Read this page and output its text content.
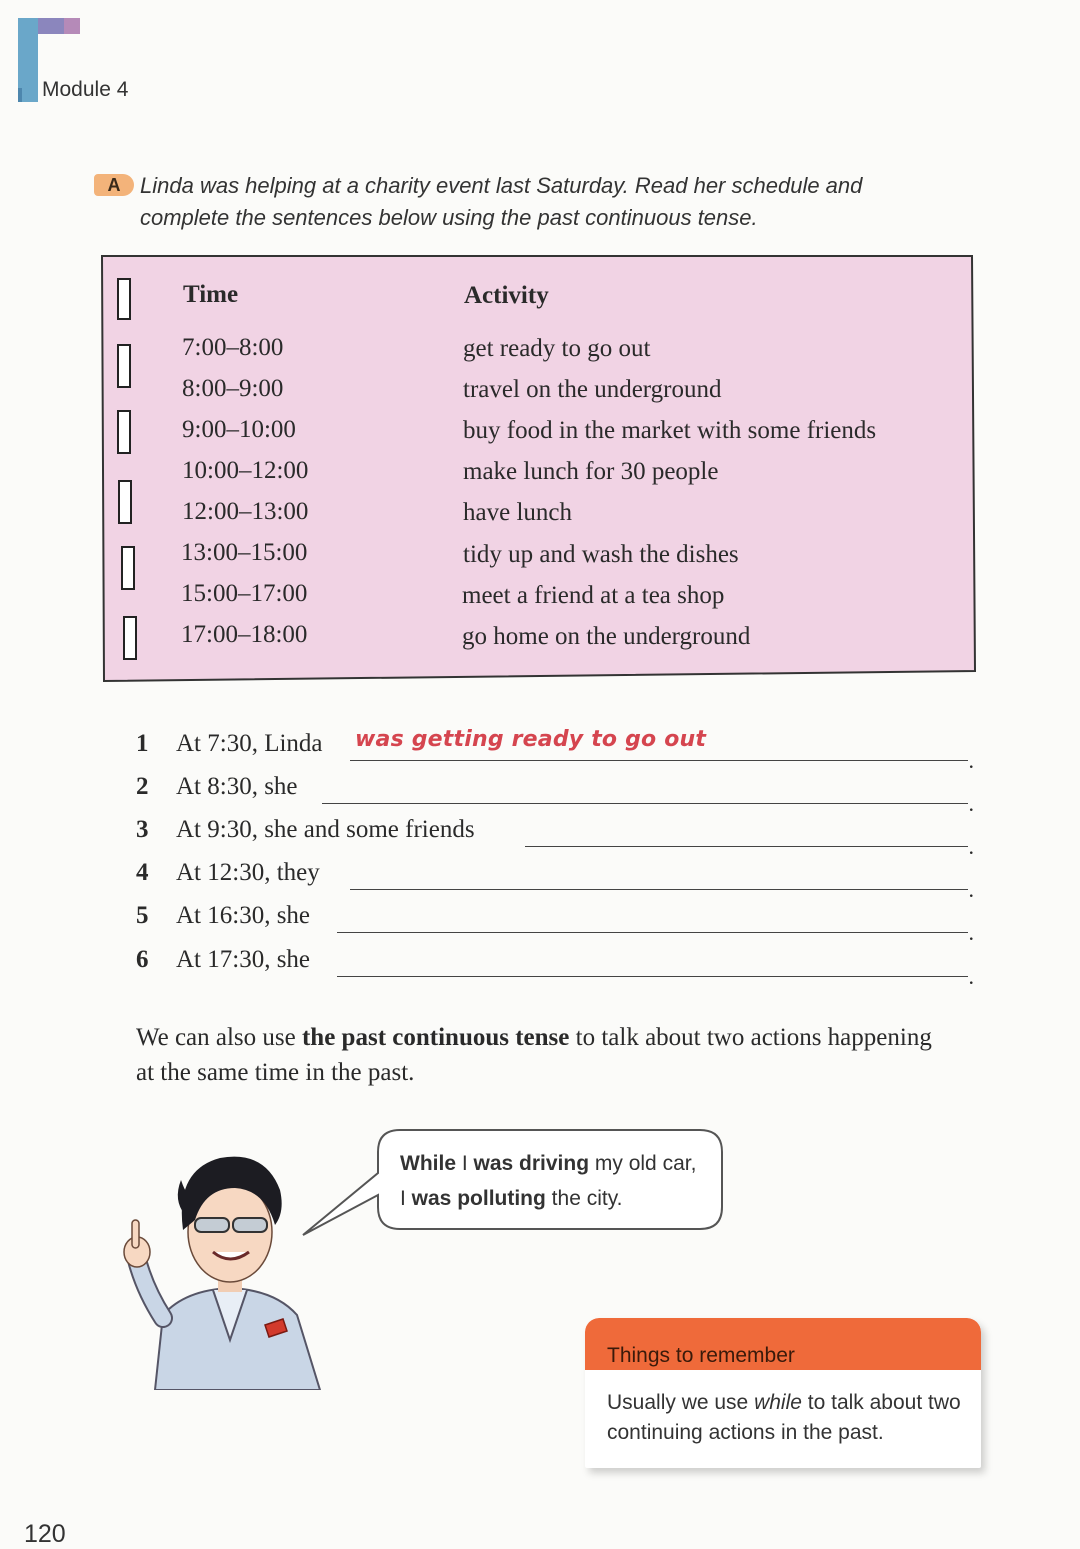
Module 4
A Linda was helping at a charity event last Saturday. Read her schedule and
complete the sentences below using the past continuous tense.
Time	Activity
7:00–8:00	get ready to go out
8:00–9:00	travel on the underground
9:00–10:00	buy food in the market with some friends
10:00–12:00	make lunch for 30 people
12:00–13:00	have lunch
13:00–15:00	tidy up and wash the dishes
15:00–17:00	meet a friend at a tea shop
17:00–18:00	go home on the underground
1 At 7:30, Linda
.
was getting ready to go out
2 At 8:30, she
.
3 At 9:30, she and some friends
.
4 At 12:30, they
.
5 At 16:30, she
.
6 At 17:30, she
.
We can also use the past continuous tense to talk about two actions happening at the same time in the past.
While I was driving my old car,
I was polluting the city.
Things to remember
Usually we use while to talk about two continuing actions in the past.
120
